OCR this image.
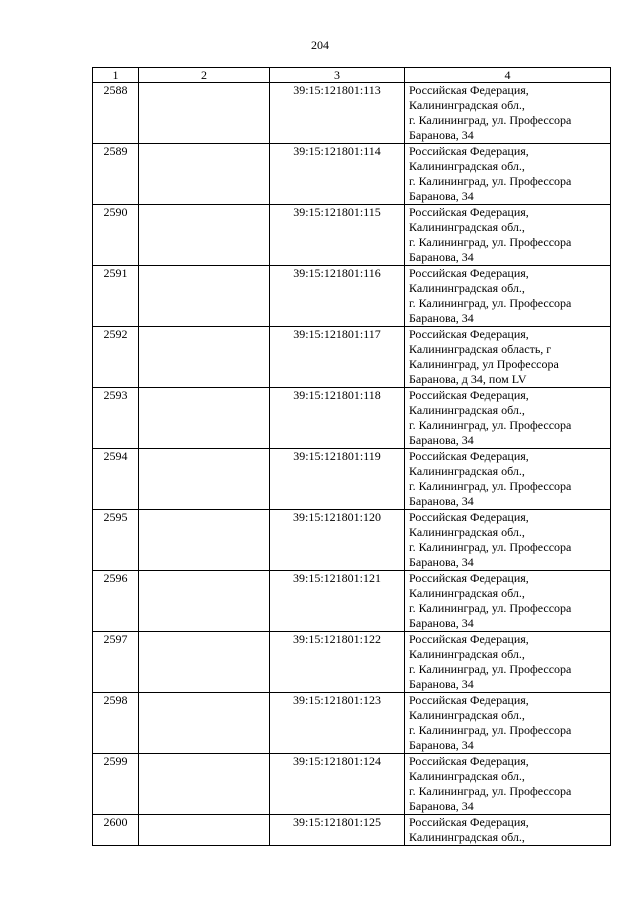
204
1	2	3	4
2588		39:15:121801:113	Российская Федерация,
Калининградская обл.,
г. Калининград, ул. Профессора
Баранова, 34
2589		39:15:121801:114	Российская Федерация,
Калининградская обл.,
г. Калининград, ул. Профессора
Баранова, 34
2590		39:15:121801:115	Российская Федерация,
Калининградская обл.,
г. Калининград, ул. Профессора
Баранова, 34
2591		39:15:121801:116	Российская Федерация,
Калининградская обл.,
г. Калининград, ул. Профессора
Баранова, 34
2592		39:15:121801:117	Российская Федерация,
Калининградская область, г
Калининград, ул Профессора
Баранова, д 34, пом LV
2593		39:15:121801:118	Российская Федерация,
Калининградская обл.,
г. Калининград, ул. Профессора
Баранова, 34
2594		39:15:121801:119	Российская Федерация,
Калининградская обл.,
г. Калининград, ул. Профессора
Баранова, 34
2595		39:15:121801:120	Российская Федерация,
Калининградская обл.,
г. Калининград, ул. Профессора
Баранова, 34
2596		39:15:121801:121	Российская Федерация,
Калининградская обл.,
г. Калининград, ул. Профессора
Баранова, 34
2597		39:15:121801:122	Российская Федерация,
Калининградская обл.,
г. Калининград, ул. Профессора
Баранова, 34
2598		39:15:121801:123	Российская Федерация,
Калининградская обл.,
г. Калининград, ул. Профессора
Баранова, 34
2599		39:15:121801:124	Российская Федерация,
Калининградская обл.,
г. Калининград, ул. Профессора
Баранова, 34
2600		39:15:121801:125	Российская Федерация,
Калининградская обл.,
